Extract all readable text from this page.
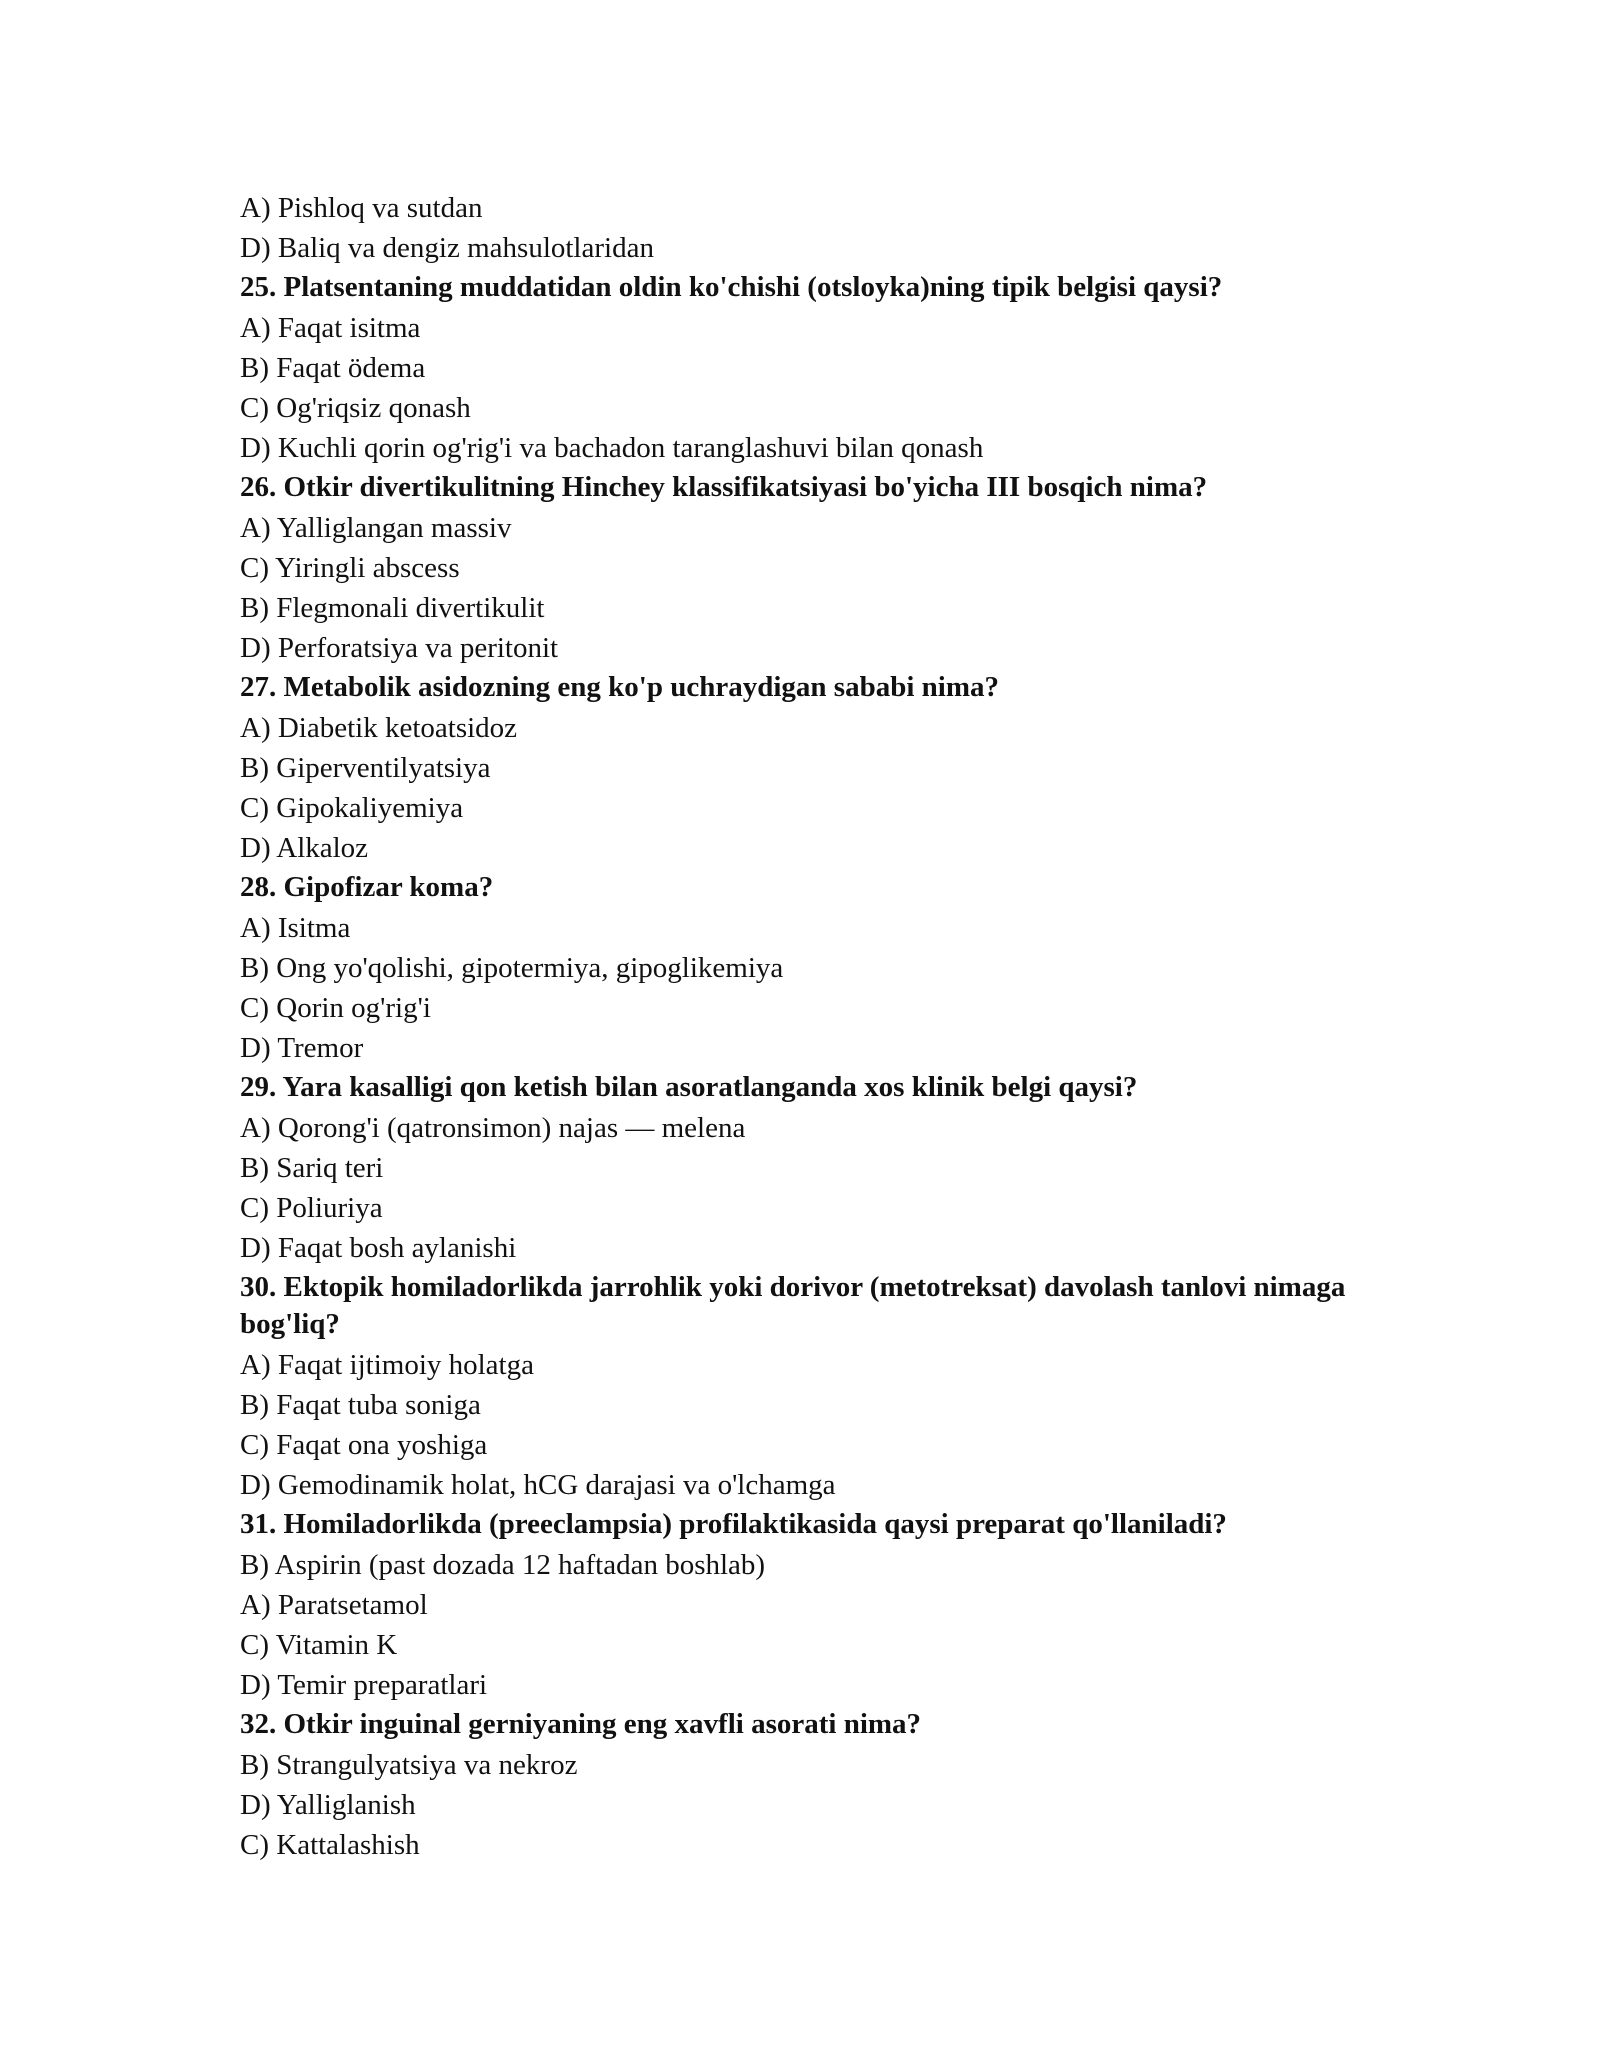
A) Pishloq va sutdan
D) Baliq va dengiz mahsulotlaridan
25. Platsentaning muddatidan oldin ko'chishi (otsloyka)ning tipik belgisi qaysi?
A) Faqat isitma
B) Faqat ödema
C) Og'riqsiz qonash
D) Kuchli qorin og'rig'i va bachadon taranglashuvi bilan qonash
26. Otkir divertikulitning Hinchey klassifikatsiyasi bo'yicha III bosqich nima?
A) Yalliglangan massiv
C) Yiringli abscess
B) Flegmonali divertikulit
D) Perforatsiya va peritonit
27. Metabolik asidozning eng ko'p uchraydigan sababi nima?
A) Diabetik ketoatsidoz
B) Giperventilyatsiya
C) Gipokaliyemiya
D) Alkaloz
28. Gipofizar koma?
A) Isitma
B) Ong yo'qolishi, gipotermiya, gipoglikemiya
C) Qorin og'rig'i
D) Tremor
29. Yara kasalligi qon ketish bilan asoratlanganda xos klinik belgi qaysi?
A) Qorong'i (qatronsimon) najas — melena
B) Sariq teri
C) Poliuriya
D) Faqat bosh aylanishi
30. Ektopik homiladorlikda jarrohlik yoki dorivor (metotreksat) davolash tanlovi nimaga bog'liq?
A) Faqat ijtimoiy holatga
B) Faqat tuba soniga
C) Faqat ona yoshiga
D) Gemodinamik holat, hCG darajasi va o'lchamga
31. Homiladorlikda (preeclampsia) profilaktikasida qaysi preparat qo'llaniladi?
B) Aspirin (past dozada 12 haftadan boshlab)
A) Paratsetamol
C) Vitamin K
D) Temir preparatlari
32. Otkir inguinal gerniyaning eng xavfli asorati nima?
B) Strangulyatsiya va nekroz
D) Yalliglanish
C) Kattalashish
